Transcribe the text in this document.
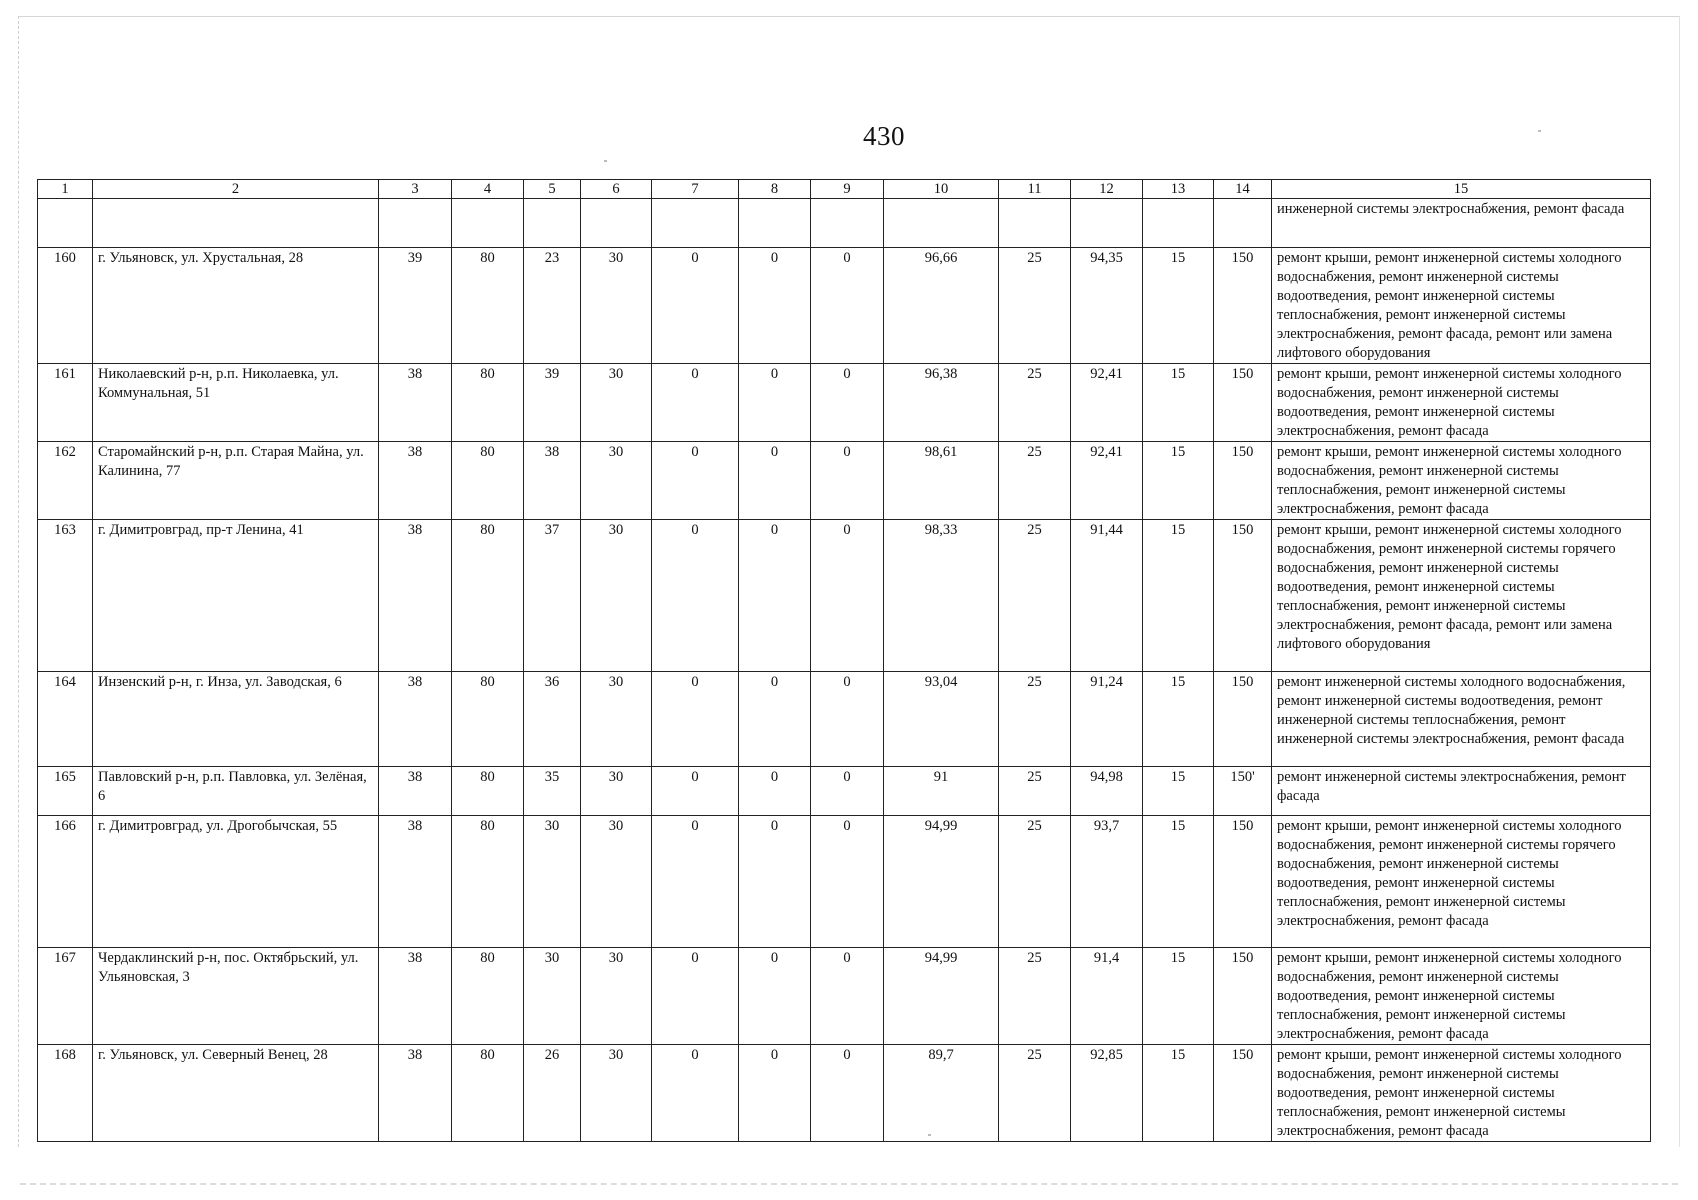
430
1	2	3	4	5	6	7	8	9	10	11	12	13	14	15
														инженерной системы электроснабжения, ремонт фасада
160	г. Ульяновск, ул. Хрустальная, 28	39	80	23	30	0	0	0	96,66	25	94,35	15	150	ремонт крыши, ремонт инженерной системы холодного водоснабжения, ремонт инженерной системы водоотведения, ремонт инженерной системы теплоснабжения, ремонт инженерной системы электроснабжения, ремонт фасада, ремонт или замена лифтового оборудования
161	Николаевский р-н, р.п. Николаевка, ул. Коммунальная, 51	38	80	39	30	0	0	0	96,38	25	92,41	15	150	ремонт крыши, ремонт инженерной системы холодного водоснабжения, ремонт инженерной системы водоотведения, ремонт инженерной системы электроснабжения, ремонт фасада
162	Старомайнский р-н, р.п. Старая Майна, ул. Калинина, 77	38	80	38	30	0	0	0	98,61	25	92,41	15	150	ремонт крыши, ремонт инженерной системы холодного водоснабжения, ремонт инженерной системы теплоснабжения, ремонт инженерной системы электроснабжения, ремонт фасада
163	г. Димитровград, пр-т Ленина, 41	38	80	37	30	0	0	0	98,33	25	91,44	15	150	ремонт крыши, ремонт инженерной системы холодного водоснабжения, ремонт инженерной системы горячего водоснабжения, ремонт инженерной системы водоотведения, ремонт инженерной системы теплоснабжения, ремонт инженерной системы электроснабжения, ремонт фасада, ремонт или замена лифтового оборудования
164	Инзенский р-н, г. Инза, ул. Заводская, 6	38	80	36	30	0	0	0	93,04	25	91,24	15	150	ремонт инженерной системы холодного водоснабжения, ремонт инженерной системы водоотведения, ремонт инженерной системы теплоснабжения, ремонт инженерной системы электроснабжения, ремонт фасада
165	Павловский р-н, р.п. Павловка, ул. Зелёная, 6	38	80	35	30	0	0	0	91	25	94,98	15	150'	ремонт инженерной системы электроснабжения, ремонт фасада
166	г. Димитровград, ул. Дрогобычская, 55	38	80	30	30	0	0	0	94,99	25	93,7	15	150	ремонт крыши, ремонт инженерной системы холодного водоснабжения, ремонт инженерной системы горячего водоснабжения, ремонт инженерной системы водоотведения, ремонт инженерной системы теплоснабжения, ремонт инженерной системы электроснабжения, ремонт фасада
167	Чердаклинский р-н, пос. Октябрьский, ул. Ульяновская, 3	38	80	30	30	0	0	0	94,99	25	91,4	15	150	ремонт крыши, ремонт инженерной системы холодного водоснабжения, ремонт инженерной системы водоотведения, ремонт инженерной системы теплоснабжения, ремонт инженерной системы электроснабжения, ремонт фасада
168	г. Ульяновск, ул. Северный Венец, 28	38	80	26	30	0	0	0	89,7	25	92,85	15	150	ремонт крыши, ремонт инженерной системы холодного водоснабжения, ремонт инженерной системы водоотведения, ремонт инженерной системы теплоснабжения, ремонт инженерной системы электроснабжения, ремонт фасада
